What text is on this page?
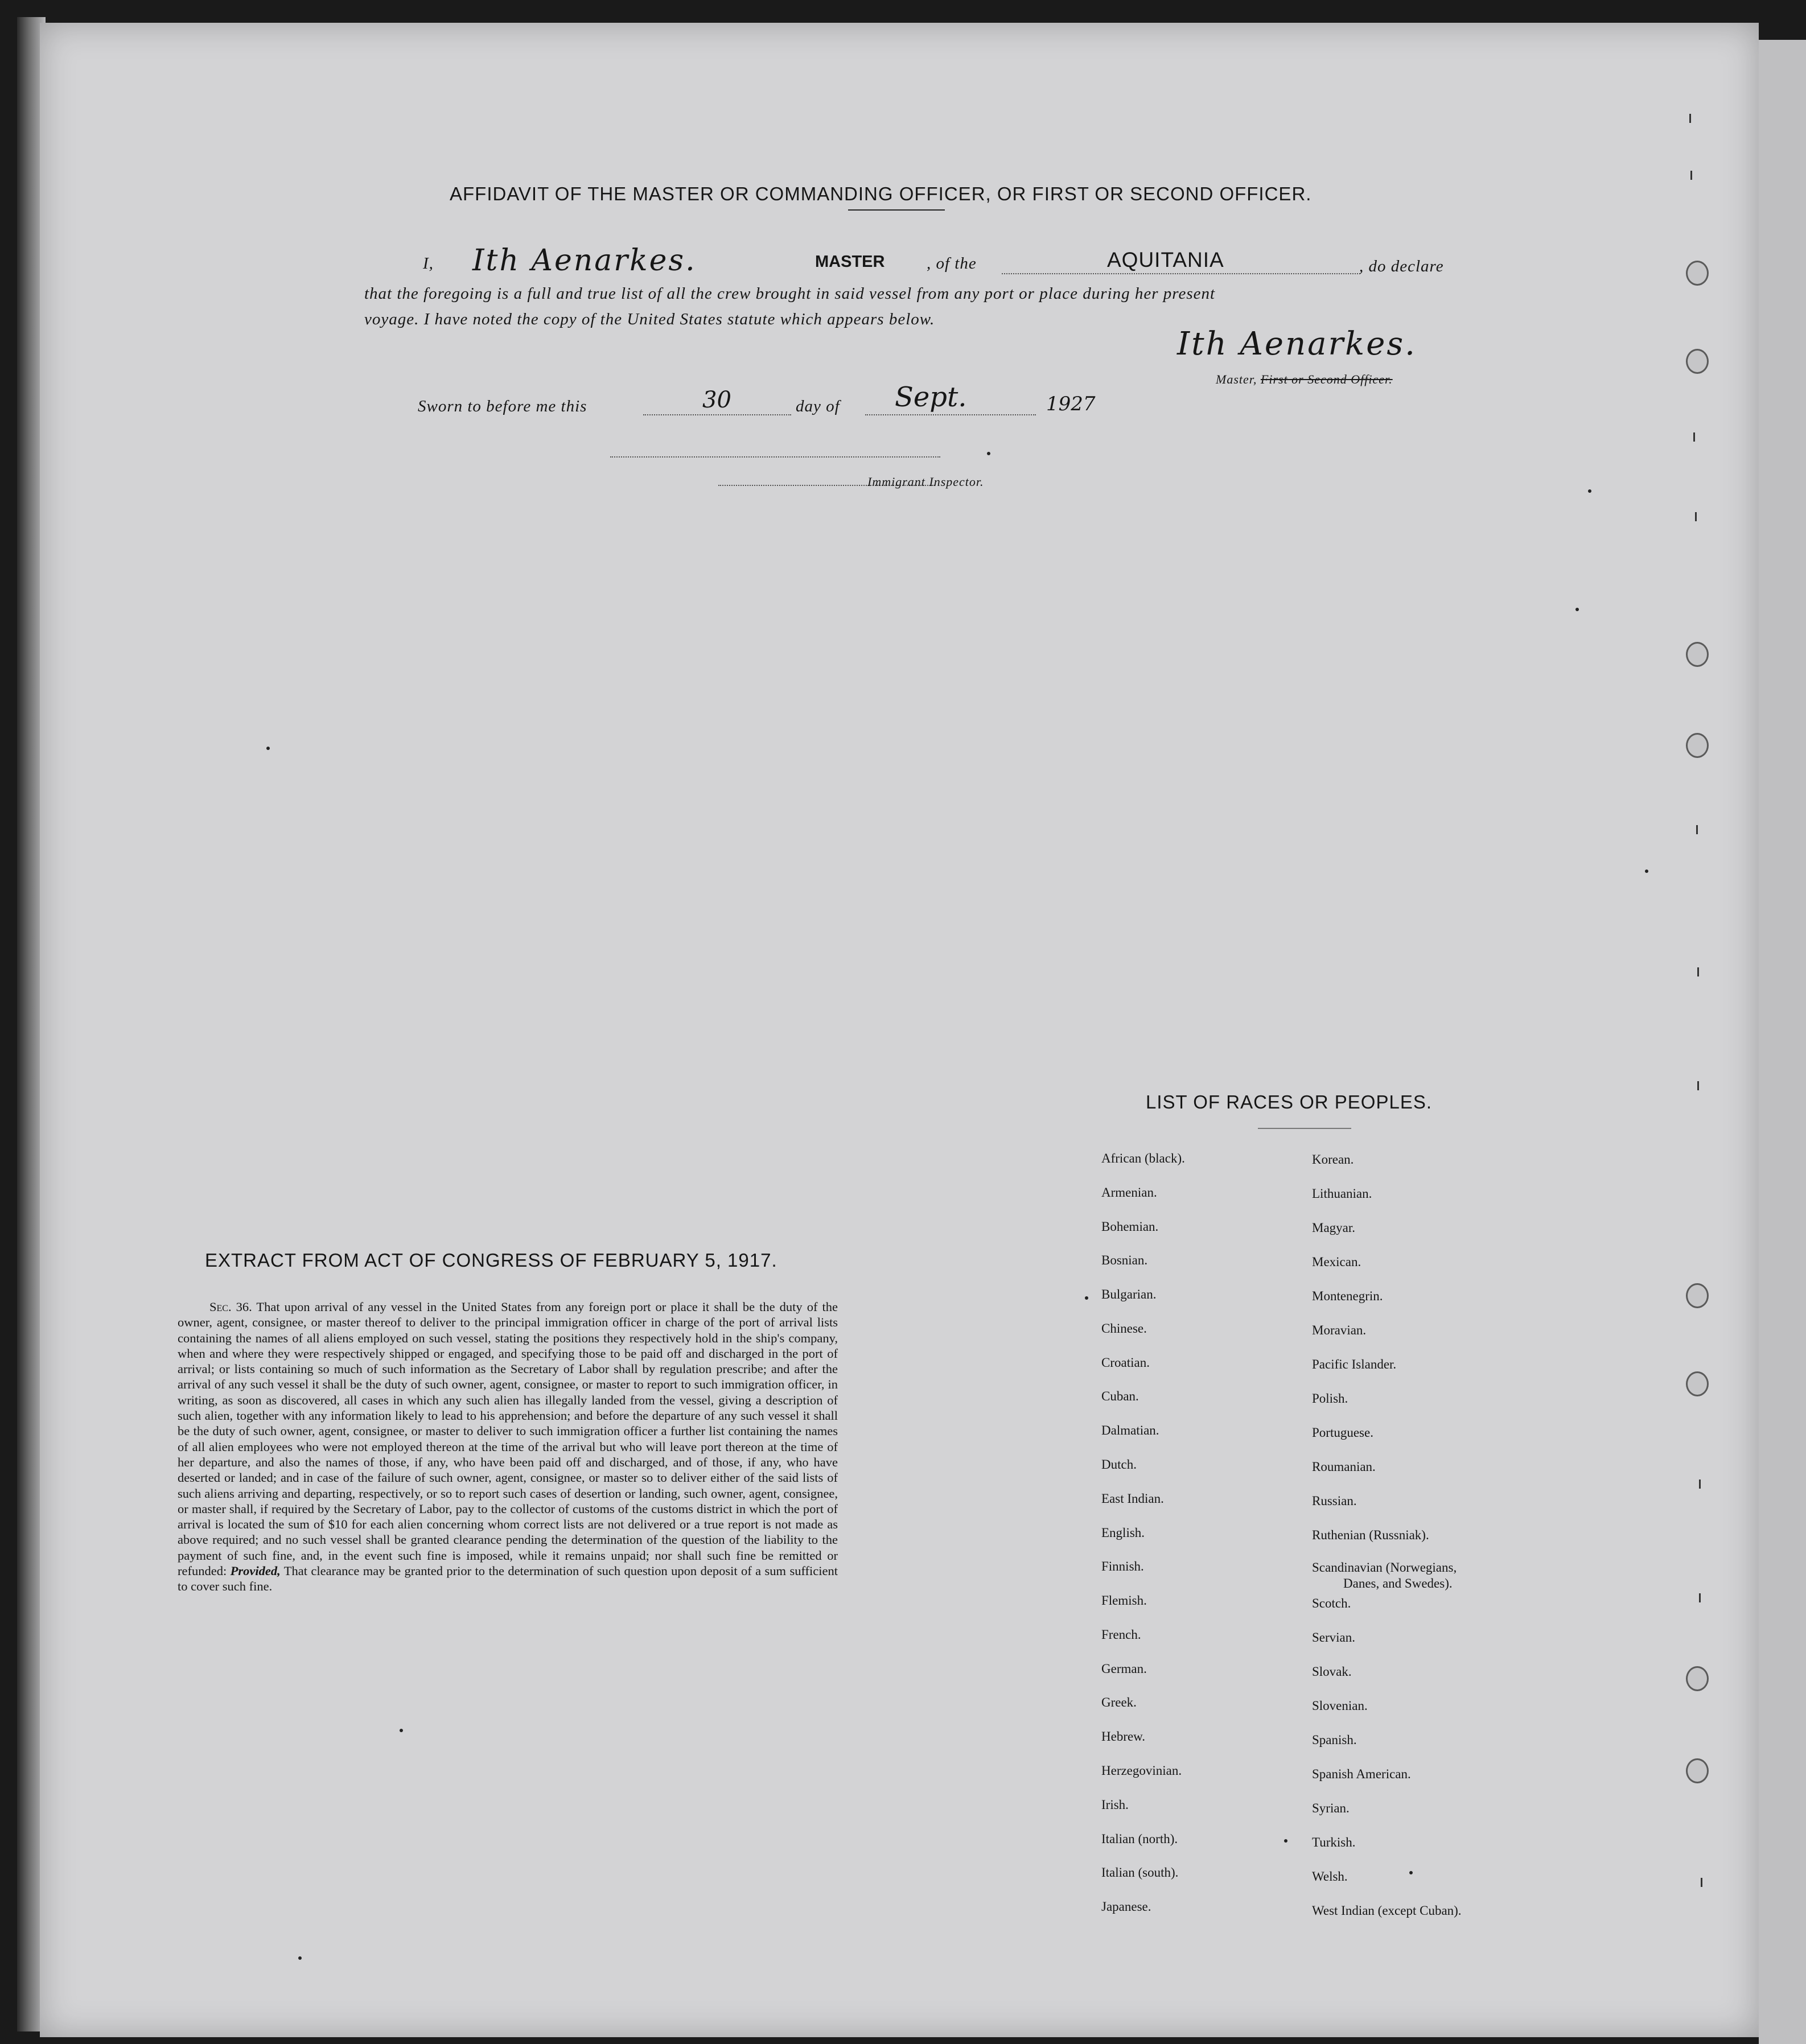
AFFIDAVIT OF THE MASTER OR COMMANDING OFFICER, OR FIRST OR SECOND OFFICER.
I, Ith Aenarkes.	MASTER	, of the	AQUITANIA	, do declare
that the foregoing is a full and true list of all the crew brought in said vessel from any port or place during her present
voyage. I have noted the copy of the United States statute which appears below.
Ith Aenarkes.
Master, First or Second Officer.
Sworn to before me this	30	day of Sept.	1927
Immigrant Inspector.
EXTRACT FROM ACT OF CONGRESS OF FEBRUARY 5, 1917.
Sec. 36. That upon arrival of any vessel in the United States from any foreign port or place it shall be the duty of the owner, agent, consignee, or master thereof to deliver to the principal immigration officer in charge of the port of arrival lists containing the names of all aliens employed on such vessel, stating the positions they respectively hold in the ship's company, when and where they were respectively shipped or engaged, and specifying those to be paid off and discharged in the port of arrival; or lists containing so much of such information as the Secretary of Labor shall by regulation prescribe; and after the arrival of any such vessel it shall be the duty of such owner, agent, consignee, or master to report to such immigration officer, in writing, as soon as discovered, all cases in which any such alien has illegally landed from the vessel, giving a description of such alien, together with any information likely to lead to his apprehension; and before the departure of any such vessel it shall be the duty of such owner, agent, consignee, or master to deliver to such immigration officer a further list containing the names of all alien employees who were not employed thereon at the time of the arrival but who will leave port thereon at the time of her departure, and also the names of those, if any, who have been paid off and discharged, and of those, if any, who have deserted or landed; and in case of the failure of such owner, agent, consignee, or master so to deliver either of the said lists of such aliens arriving and departing, respectively, or so to report such cases of desertion or landing, such owner, agent, consignee, or master shall, if required by the Secretary of Labor, pay to the collector of customs of the customs district in which the port of arrival is located the sum of $10 for each alien concerning whom correct lists are not delivered or a true report is not made as above required; and no such vessel shall be granted clearance pending the determination of the question of the liability to the payment of such fine, and, in the event such fine is imposed, while it remains unpaid; nor shall such fine be remitted or refunded: Provided, That clearance may be granted prior to the determination of such question upon deposit of a sum sufficient to cover such fine.
LIST OF RACES OR PEOPLES.
African (black).
Armenian.
Bohemian.
Bosnian.
Bulgarian.
Chinese.
Croatian.
Cuban.
Dalmatian.
Dutch.
East Indian.
English.
Finnish.
Flemish.
French.
German.
Greek.
Hebrew.
Herzegovinian.
Irish.
Italian (north).
Italian (south).
Japanese.
Korean.
Lithuanian.
Magyar.
Mexican.
Montenegrin.
Moravian.
Pacific Islander.
Polish.
Portuguese.
Roumanian.
Russian.
Ruthenian (Russniak).
Scandinavian (Norwegians,
Danes, and Swedes).
Scotch.
Servian.
Slovak.
Slovenian.
Spanish.
Spanish American.
Syrian.
Turkish.
Welsh.
West Indian (except Cuban).
